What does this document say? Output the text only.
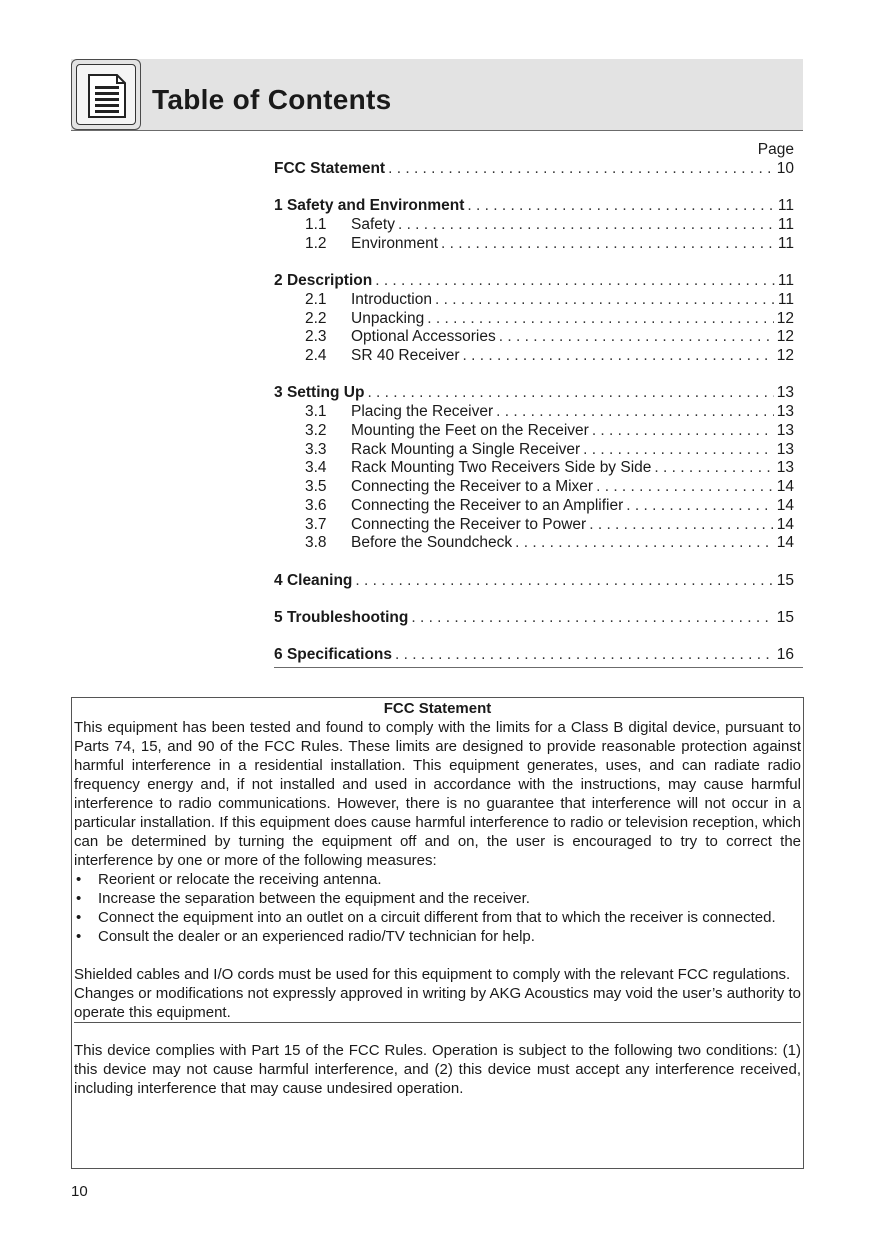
Table of Contents
Page
FCC Statement . . .	10
1 Safety and Environment . . .	11
1.1	Safety . . .	11
1.2	Environment . . .	11
2 Description . . .	11
2.1	Introduction . . .	11
2.2	Unpacking . . .	12
2.3	Optional Accessories . . .	12
2.4	SR 40 Receiver . . .	12
3 Setting Up . . .	13
3.1	Placing the Receiver . . .	13
3.2	Mounting the Feet on the Receiver . . .	13
3.3	Rack Mounting a Single Receiver . . .	13
3.4	Rack Mounting Two Receivers Side by Side . . .	13
3.5	Connecting the Receiver to a Mixer . . .	14
3.6	Connecting the Receiver to an Amplifier . . .	14
3.7	Connecting the Receiver to Power . . .	14
3.8	Before the Soundcheck . . .	14
4 Cleaning . . .	15
5 Troubleshooting . . .	15
6 Specifications . . .	16

FCC Statement

This equipment has been tested and found to comply with the limits for a Class B digital device, pursuant to Parts 74, 15, and 90 of the FCC Rules. These limits are designed to provide reasonable protection against harmful interference in a residential installation. This equipment generates, uses, and can radiate radio frequency energy and, if not installed and used in accordance with the instructions, may cause harmful interference to radio communications. However, there is no guarantee that interference will not occur in a particular installation. If this equipment does cause harmful interference to radio or television reception, which can be determined by turning the equipment off and on, the user is encouraged to try to correct the interference by one or more of the following measures:

• Reorient or relocate the receiving antenna.
• Increase the separation between the equipment and the receiver.
• Connect the equipment into an outlet on a circuit different from that to which the receiver is connected.
• Consult the dealer or an experienced radio/TV technician for help.

Shielded cables and I/O cords must be used for this equipment to comply with the relevant FCC regulations.

Changes or modifications not expressly approved in writing by AKG Acoustics may void the user’s authority to operate this equipment.

This device complies with Part 15 of the FCC Rules. Operation is subject to the following two conditions: (1) this device may not cause harmful interference, and (2) this device must accept any interference received, including interference that may cause undesired operation.

10
